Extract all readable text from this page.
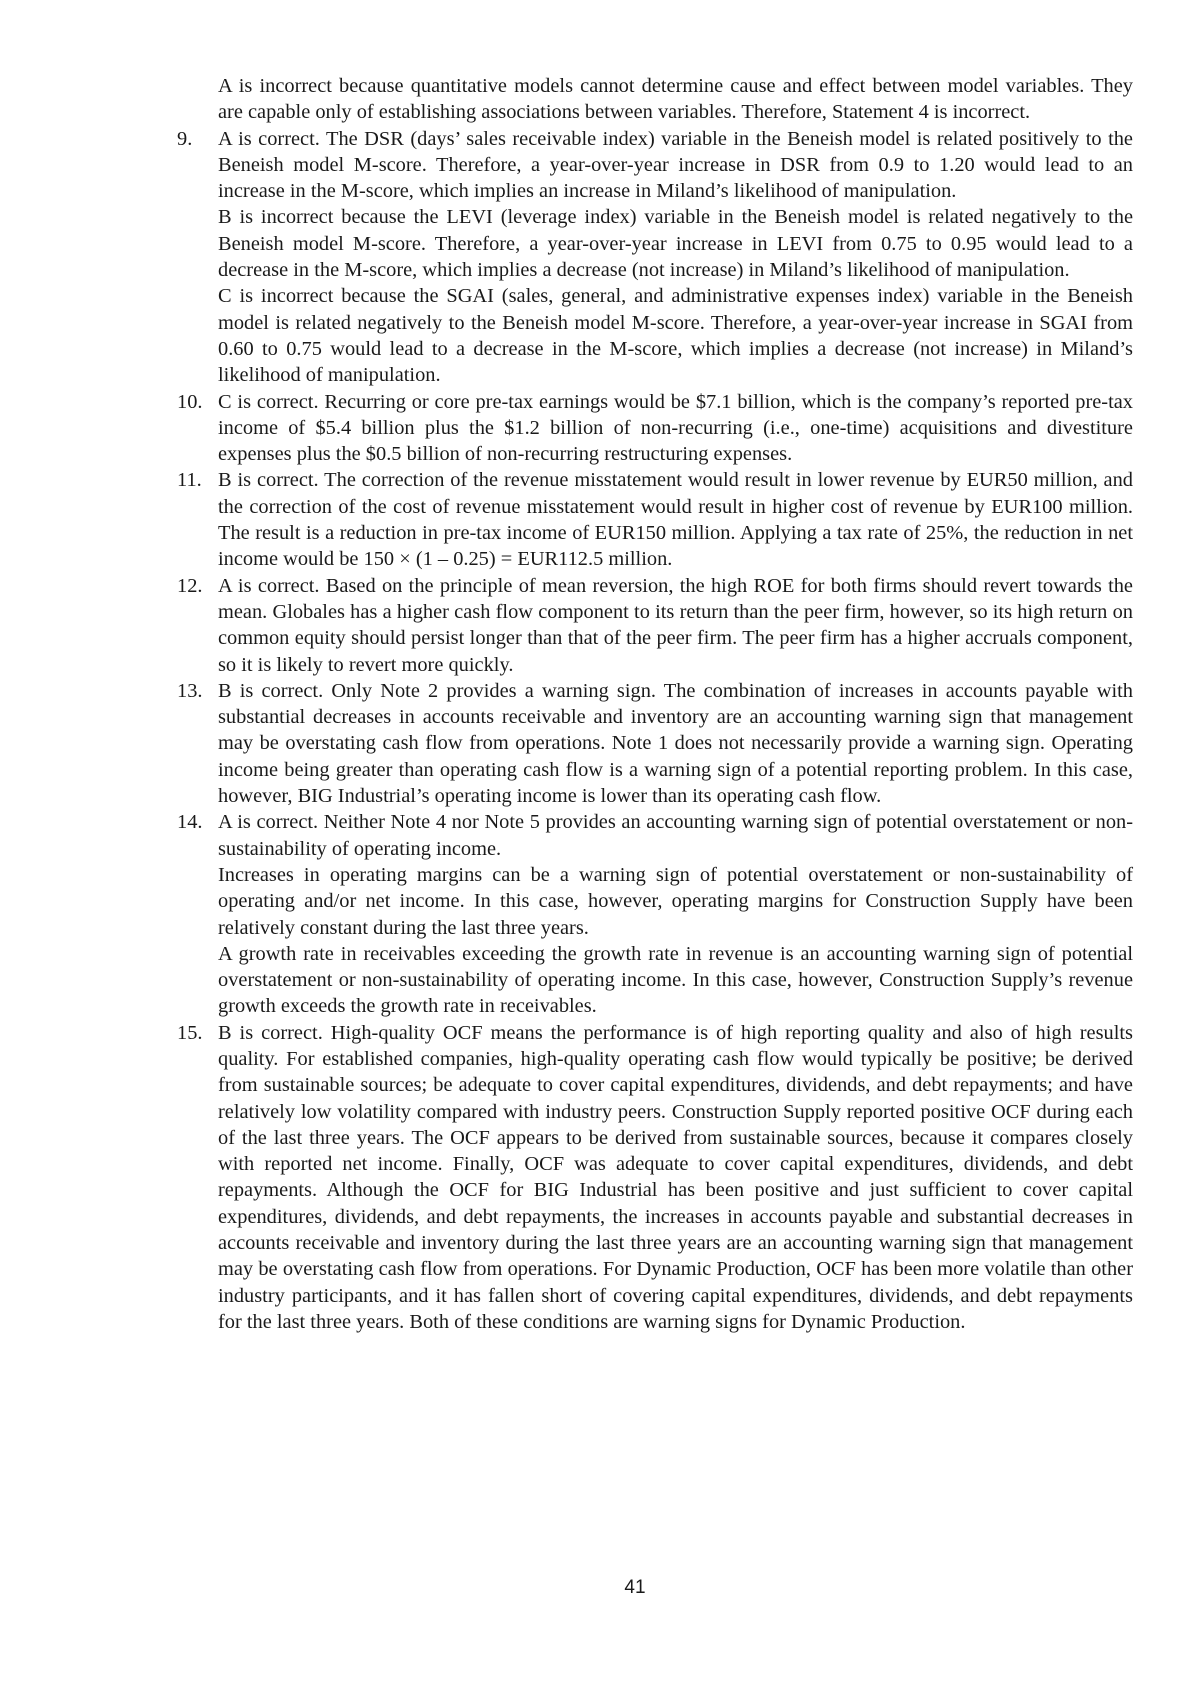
A is incorrect because quantitative models cannot determine cause and effect between model variables. They are capable only of establishing associations between variables. Therefore, Statement 4 is incorrect.

9.	A is correct. The DSR (days’ sales receivable index) variable in the Beneish model is related positively to the Beneish model M-score. Therefore, a year-over-year increase in DSR from 0.9 to 1.20 would lead to an increase in the M-score, which implies an increase in Miland’s likelihood of manipulation.

B is incorrect because the LEVI (leverage index) variable in the Beneish model is related negatively to the Beneish model M-score. Therefore, a year-over-year increase in LEVI from 0.75 to 0.95 would lead to a decrease in the M-score, which implies a decrease (not increase) in Miland’s likelihood of manipulation.

C is incorrect because the SGAI (sales, general, and administrative expenses index) variable in the Beneish model is related negatively to the Beneish model M-score. Therefore, a year-over-year increase in SGAI from 0.60 to 0.75 would lead to a decrease in the M-score, which implies a decrease (not increase) in Miland’s likelihood of manipulation.

10. C is correct. Recurring or core pre-tax earnings would be $7.1 billion, which is the company’s reported pre-tax income of $5.4 billion plus the $1.2 billion of non-recurring (i.e., one-time) acquisitions and divestiture expenses plus the $0.5 billion of non-recurring restructuring expenses.

11. B is correct. The correction of the revenue misstatement would result in lower revenue by EUR50 million, and the correction of the cost of revenue misstatement would result in higher cost of revenue by EUR100 million. The result is a reduction in pre-tax income of EUR150 million. Applying a tax rate of 25%, the reduction in net income would be 150 × (1 – 0.25) = EUR112.5 million.

12. A is correct. Based on the principle of mean reversion, the high ROE for both firms should revert towards the mean. Globales has a higher cash flow component to its return than the peer firm, however, so its high return on common equity should persist longer than that of the peer firm. The peer firm has a higher accruals component, so it is likely to revert more quickly.

13. B is correct. Only Note 2 provides a warning sign. The combination of increases in accounts payable with substantial decreases in accounts receivable and inventory are an accounting warning sign that management may be overstating cash flow from operations. Note 1 does not necessarily provide a warning sign. Operating income being greater than operating cash flow is a warning sign of a potential reporting problem. In this case, however, BIG Industrial’s operating income is lower than its operating cash flow.

14. A is correct. Neither Note 4 nor Note 5 provides an accounting warning sign of potential overstatement or non-sustainability of operating income.

Increases in operating margins can be a warning sign of potential overstatement or non-sustainability of operating and/or net income. In this case, however, operating margins for Construction Supply have been relatively constant during the last three years.

A growth rate in receivables exceeding the growth rate in revenue is an accounting warning sign of potential overstatement or non-sustainability of operating income. In this case, however, Construction Supply’s revenue growth exceeds the growth rate in receivables.

15. B is correct. High-quality OCF means the performance is of high reporting quality and also of high results quality. For established companies, high-quality operating cash flow would typically be positive; be derived from sustainable sources; be adequate to cover capital expenditures, dividends, and debt repayments; and have relatively low volatility compared with industry peers. Construction Supply reported positive OCF during each of the last three years. The OCF appears to be derived from sustainable sources, because it compares closely with reported net income. Finally, OCF was adequate to cover capital expenditures, dividends, and debt repayments. Although the OCF for BIG Industrial has been positive and just sufficient to cover capital expenditures, dividends, and debt repayments, the increases in accounts payable and substantial decreases in accounts receivable and inventory during the last three years are an accounting warning sign that management may be overstating cash flow from operations. For Dynamic Production, OCF has been more volatile than other industry participants, and it has fallen short of covering capital expenditures, dividends, and debt repayments for the last three years. Both of these conditions are warning signs for Dynamic Production.

41
